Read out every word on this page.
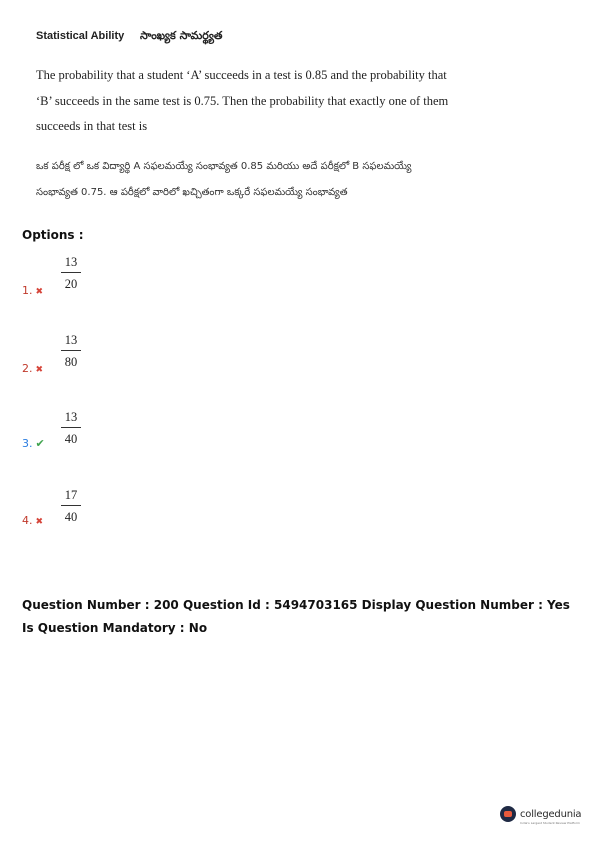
Statistical Ability సాంఖ్యక సామర్థ్యత
The probability that a student ‘A’ succeeds in a test is 0.85 and the probability that
‘B’ succeeds in the same test is 0.75. Then the probability that exactly one of them
succeeds in that test is
ఒక పరీక్ష లో ఒక విద్యార్థి A సఫలమయ్యే సంభావ్యత 0.85 మరియు అదే పరీక్షలో B సఫలమయ్యే
సంభావ్యత 0.75. ఆ పరీక్షలో వారిలో ఖచ్చితంగా ఒక్కరే సఫలమయ్యే సంభావ్యత
Options :
13
20
1. ✖
13
80
2. ✖
13
40
3. ✔
17
40
4. ✖
Question Number : 200 Question Id : 5494703165 Display Question Number : Yes Is Question Mandatory : No
collegedunia
India's Largest Student Review Platform
